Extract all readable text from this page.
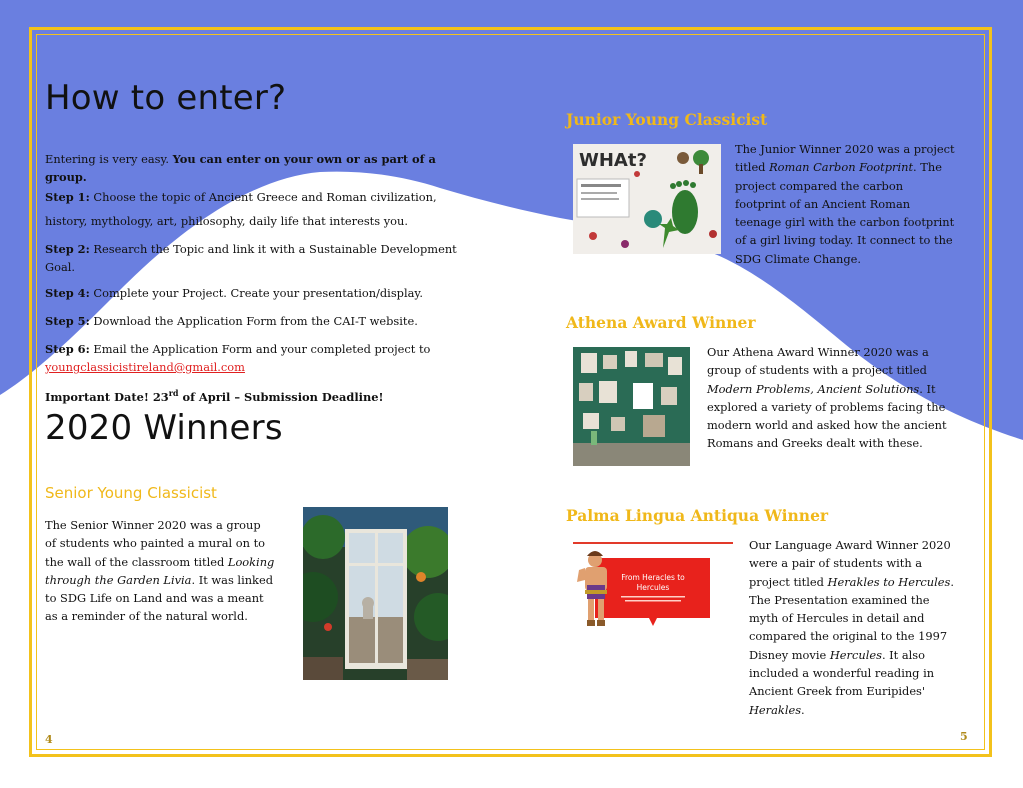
How to enter?

Entering is very easy. You can enter on your own or as part of a group.

Step 1: Choose the topic of Ancient Greece and Roman civilization,

history, mythology, art, philosophy, daily life that interests you.

Step 2: Research the Topic and link it with a Sustainable Development Goal.

Step 4: Complete your Project. Create your presentation/display.

Step 5: Download the Application Form from the CAI-T website.

Step 6: Email the Application Form and your completed project to

youngclassicistireland@gmail.com

Important Date! 23rd of April – Submission Deadline!

2020 Winners
Senior Young Classicist

The Senior Winner 2020 was a group of students who painted a mural on to the wall of the classroom titled Looking through the Garden Livia. It was linked to SDG Life on Land and was a meant as a reminder of the natural world.

4
Junior Young Classicist
WHAt?

The Junior Winner 2020 was a project titled Roman Carbon Footprint. The project compared the carbon footprint of an Ancient Roman teenage girl with the carbon footprint of a girl living today. It connect to the SDG Climate Change.

Athena Award Winner

Our Athena Award Winner 2020 was a group of students with a project titled Modern Problems, Ancient Solutions. It explored a variety of problems facing the modern world and asked how the ancient Romans and Greeks dealt with these.

Palma Lingua Antiqua Winner
From Heracles to
Hercules

Our Language Award Winner 2020 were a pair of students with a project titled Herakles to Hercules. The Presentation examined the myth of Hercules in detail and compared the original to the 1997 Disney movie Hercules. It also included a wonderful reading in Ancient Greek from Euripides' Herakles.

5
